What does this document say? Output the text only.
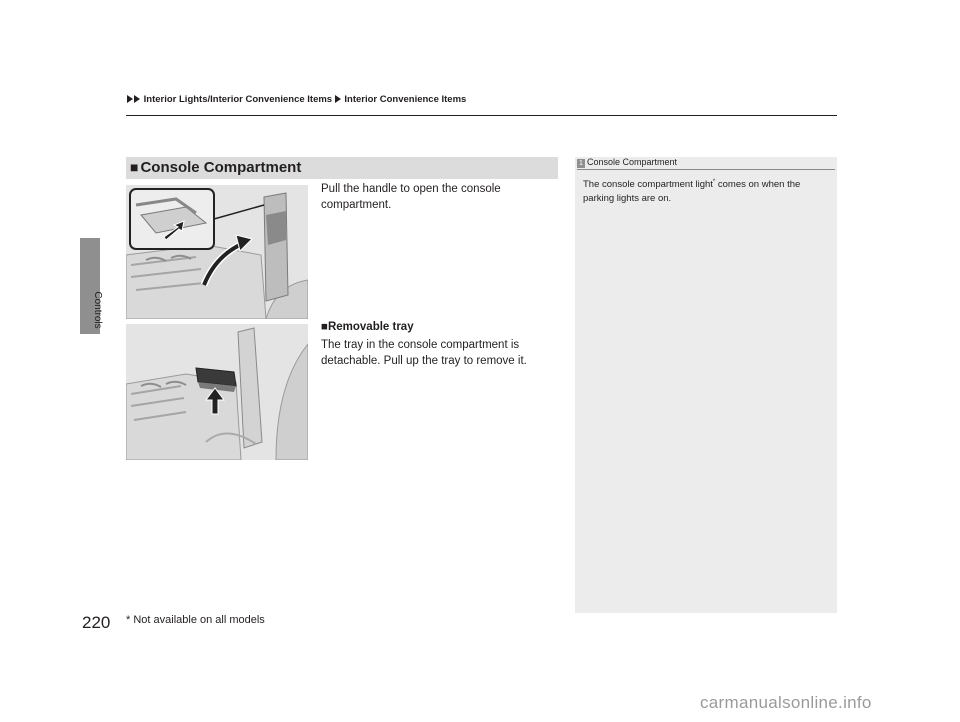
Interior Lights/Interior Convenience Items Interior Convenience Items
Controls
■ Console Compartment	1 Console Compartment
The console compartment light* comes on when the parking lights are on.
Pull the handle to open the console compartment.
■Removable tray
The tray in the console compartment is detachable. Pull up the tray to remove it.
220 * Not available on all models
carmanualsonline.info
